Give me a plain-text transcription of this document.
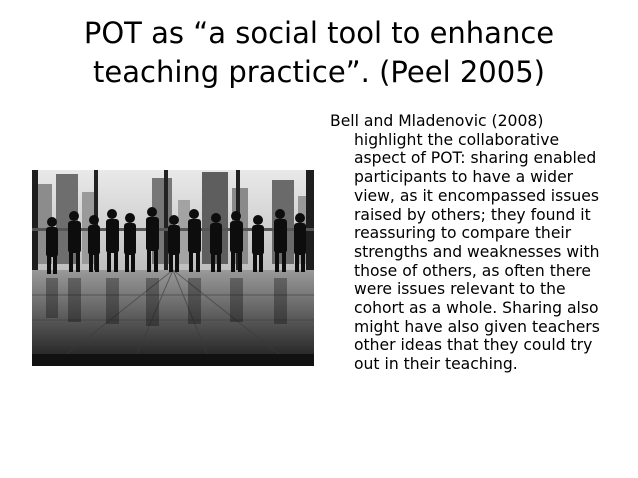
POT as “a social tool to enhance teaching practice”. (Peel 2005)

Bell and Mladenovic (2008) highlight the collaborative aspect of POT: sharing enabled participants to have a wider view, as it encompassed issues raised by others; they found it reassuring to compare their strengths and weaknesses with those of others, as often there were issues relevant to the cohort as a whole. Sharing also might have also given teachers other ideas that they could try out in their teaching.
